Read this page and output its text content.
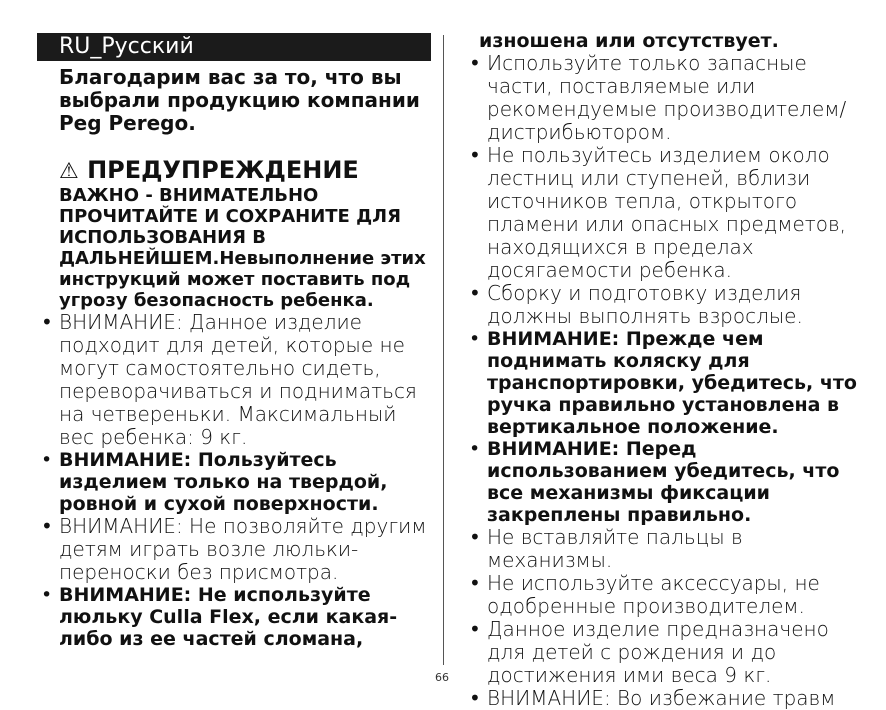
RU_Русский

Благодарим вас за то, что вы выбрали продукцию компании Peg Perego.

⚠ ПРЕДУПРЕЖДЕНИЕ
ВАЖНО - ВНИМАТЕЛЬНО ПРОЧИТАЙТЕ И СОХРАНИТЕ ДЛЯ ИСПОЛЬЗОВАНИЯ В ДАЛЬНЕЙШЕМ.Невыполнение этих инструкций может поставить под угрозу безопасность ребенка.
• ВНИМАНИЕ: Данное изделие подходит для детей, которые не могут самостоятельно сидеть, переворачиваться и подниматься на четвереньки. Максимальный вес ребенка: 9 кг.
• ВНИМАНИЕ: Пользуйтесь изделием только на твердой, ровной и сухой поверхности.
• ВНИМАНИЕ: Не позволяйте другим детям играть возле люльки-переноски без присмотра.
• ВНИМАНИЕ: Не используйте люльку Culla Flex, если какая-либо из ее частей сломана,
изношена или отсутствует.
• Используйте только запасные части, поставляемые или рекомендуемые производителем/дистрибьютором.
• Не пользуйтесь изделием около лестниц или ступеней, вблизи источников тепла, открытого пламени или опасных предметов, находящихся в пределах досягаемости ребенка.
• Сборку и подготовку изделия должны выполнять взрослые.
• ВНИМАНИЕ: Прежде чем поднимать коляску для транспортировки, убедитесь, что ручка правильно установлена в вертикальное положение.
• ВНИМАНИЕ: Перед использованием убедитесь, что все механизмы фиксации закреплены правильно.
• Не вставляйте пальцы в механизмы.
• Не используйте аксессуары, не одобренные производителем.
• Данное изделие предназначено для детей с рождения и до достижения ими веса 9 кг.
• ВНИМАНИЕ: Во избежание травм
66
